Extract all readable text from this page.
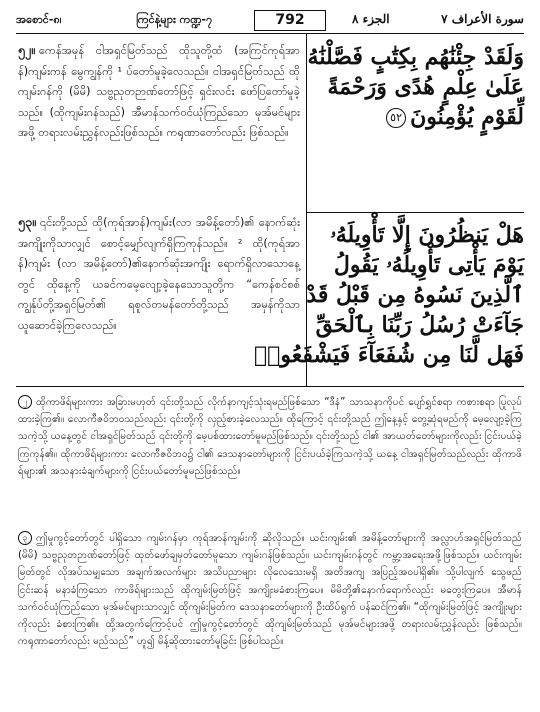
အစောင်-၈၊	ကြင်နဲ့များ ကဏ္ဍ-၇	792	الجزء ٨	سورة الأعراف ٧
၅၂။ ကေန်အမုန် ငါအရှင်မြတ်သည် ထိုသူတို့ထံ (အကြင်ကုရ်အာန်)ကျမ်းကန် မွေကျွန်ကို ¹ ပ်တော်မူခဲ့လေသည်။ ငါအရှင်မြတ်သည် ထိုကျမ်းဂန်ကို (မိမိ) သဗ္ဗညုတဉာဏ်တော်ဖြင့် ရှင်းလင်း ဖော်ပြတော်မူခဲ့သည်။ (ထိုကျမ်းဂန်သည်) အီမာန်သက်ဝင်ယုံကြည်သော မုအ်မင်များအဖို့ တရားလမ်းညွှန်လည်းဖြစ်သည်။ ကရုဏာတော်လည်း ဖြစ်သည်။
وَلَقَدْ جِئْنَٰهُم بِكِتَٰبٍ فَصَّلْنَٰهُ
عَلَىٰ عِلْمٍ هُدًى وَرَحْمَةً
لِّقَوْمٍ يُؤْمِنُونَ٥٢
၅၃။ ၎င်းတို့သည် ထို(ကုရ်အာန်)ကျမ်း(လာ အမိန့်တော်)၏ နောက်ဆုံးအကျိုးကိုသာလျှင် စောင့်မျှော်လျက်ရှိကြကုန်သည်။ ² ထို(ကုရ်အာန်)ကျမ်း (လာ အမိန့်တော်)၏နောက်ဆုံးအကျိုး ရောက်ရှိလာသောနေ့တွင် ထိုနေ့ကို ယခင်ကမေ့လျော့ခဲ့နေသောသူတို့က “ကေန်စင်စစ် ကျွန်ုပ်တို့အရှင်မြတ်၏ ရစူလ်တမန်တော်တို့သည် အမှန်ကိုသာ ယူဆောင်ခဲ့ကြလေသည်။
هَلْ يَنظُرُونَ إِلَّا تَأْوِيلَهُۥ
يَوْمَ يَأْتِى تَأْوِيلُهُۥ يَقُولُ
ٱلَّذِينَ نَسُوهُ مِن قَبْلُ قَدْ
جَآءَتْ رُسُلُ رَبِّنَا بِٱلْحَقِّ
فَهَل لَّنَا مِن شُفَعَآءَ فَيَشْفَعُوا۟
၂ ထိုကာဖိရ်များကား အခြားမဟုတ် ၎င်းတို့သည် လိုက်နာကျင့်သုံးရမည်ဖြစ်သော “ဒီနံ” သာသနာကိုပင် ပျော်ရွှင်စရာ ကစားစရာ ပြုလုပ်ထားခဲ့ကြ၏။ လောကီဇဝိဘဝသည်လည်း ၎င်းတို့ကို လှည့်စားခဲ့လေသည်။ ထိုကြောင့် ၎င်းတို့သည် ဤနေ့နှင့် တွေ့ဆုံရမည်ကို မေ့လျော့ခဲ့ကြသကဲ့သို့ ယနေ့တွင် ငါအရှင်မြတ်သည် ၎င်းတို့ကို မေ့ပစ်ထားတော်မူမည်ဖြစ်သည်။ ၎င်းတို့သည် ငါ၏ အာယတ်တော်များကိုလည်း ငြင်းပယ်ခဲ့ကြကုန်၏။ ထိုကာဖိရ်များကား လောကီဇဝိဘဝ၌ ငါ၏ ဒေသနာတော်များကို ငြင်းပယ်ခဲ့ကြသကဲ့သို့ ယနေ့ ငါအရှင်မြတ်သည်လည်း ထိုကာဖိရ်များ၏ အသနားခံချက်များကို ငြင်းပယ်တော်မူမည်ဖြစ်သည်။
၃ ဤမှုကွင့်တော်တွင် ပါရှိသော ကျမ်းဂန်မှာ ကုရ်အာန်ကျမ်းကို ဆိုလိုသည်။ ယင်းကျမ်း၏ အမိန့်တော်များကို အလ္လာဟ်အရှင်မြတ်သည် (မိမိ) သဗ္ဗညုတဉာဏ်တော်ဖြင့် ထုတ်ဖော်ချမှတ်တော်မူသော ကျမ်းဂန်ဖြစ်သည်။ ယင်းကျမ်းဂန်တွင် ကမ္ဘာ့အရေးအဖို့ဖြစ်သည်။ ယင်းကျမ်းမြတ်တွင် လိုအပ်သမျှသော အချက်အလက်များ အသိပညာများ လိုလေသေးမရှိ အတိအကျ အပြည့်အဝပါရှိ၏။ သို့ပါလျက် သွေဖည်ငြင်းဆန် မနာခံကြသော ကာဖိရ်များသည် ထိုကျမ်းမြတ်ဖြင့် အကျိုးမခံစားကြပေ။ မိမိတို့၏နောက်ရောက်လည်း မတွေးကြပေ။ အီမာန် သက်ဝင်ယုံကြည်သော မုအ်မင်များသာလျှင် ထိုကျမ်းမြတ်က ဒေသနာတော်များကို ဦးထိပ်ရွက် ပန်ဆင်ကြ၏။ “ထိုကျမ်းမြတ်ဖြင့် အကျိုးများကိုလည်း ခံစားကြ၏။ ထို့အတွက်ကြောင့်ပင် ဤမှုကွင့်တော်တွင် ထိုကျမ်းမြတ်သည် မုအ်မင်များအဖို့ တရားလမ်းညွှန်လည်း ဖြစ်သည်။ ကရုဏာတော်လည်း မည်သည်” ဟူ၍ မိန့်ဆိုထားတော်မူခြင်း ဖြစ်ပါသည်။
